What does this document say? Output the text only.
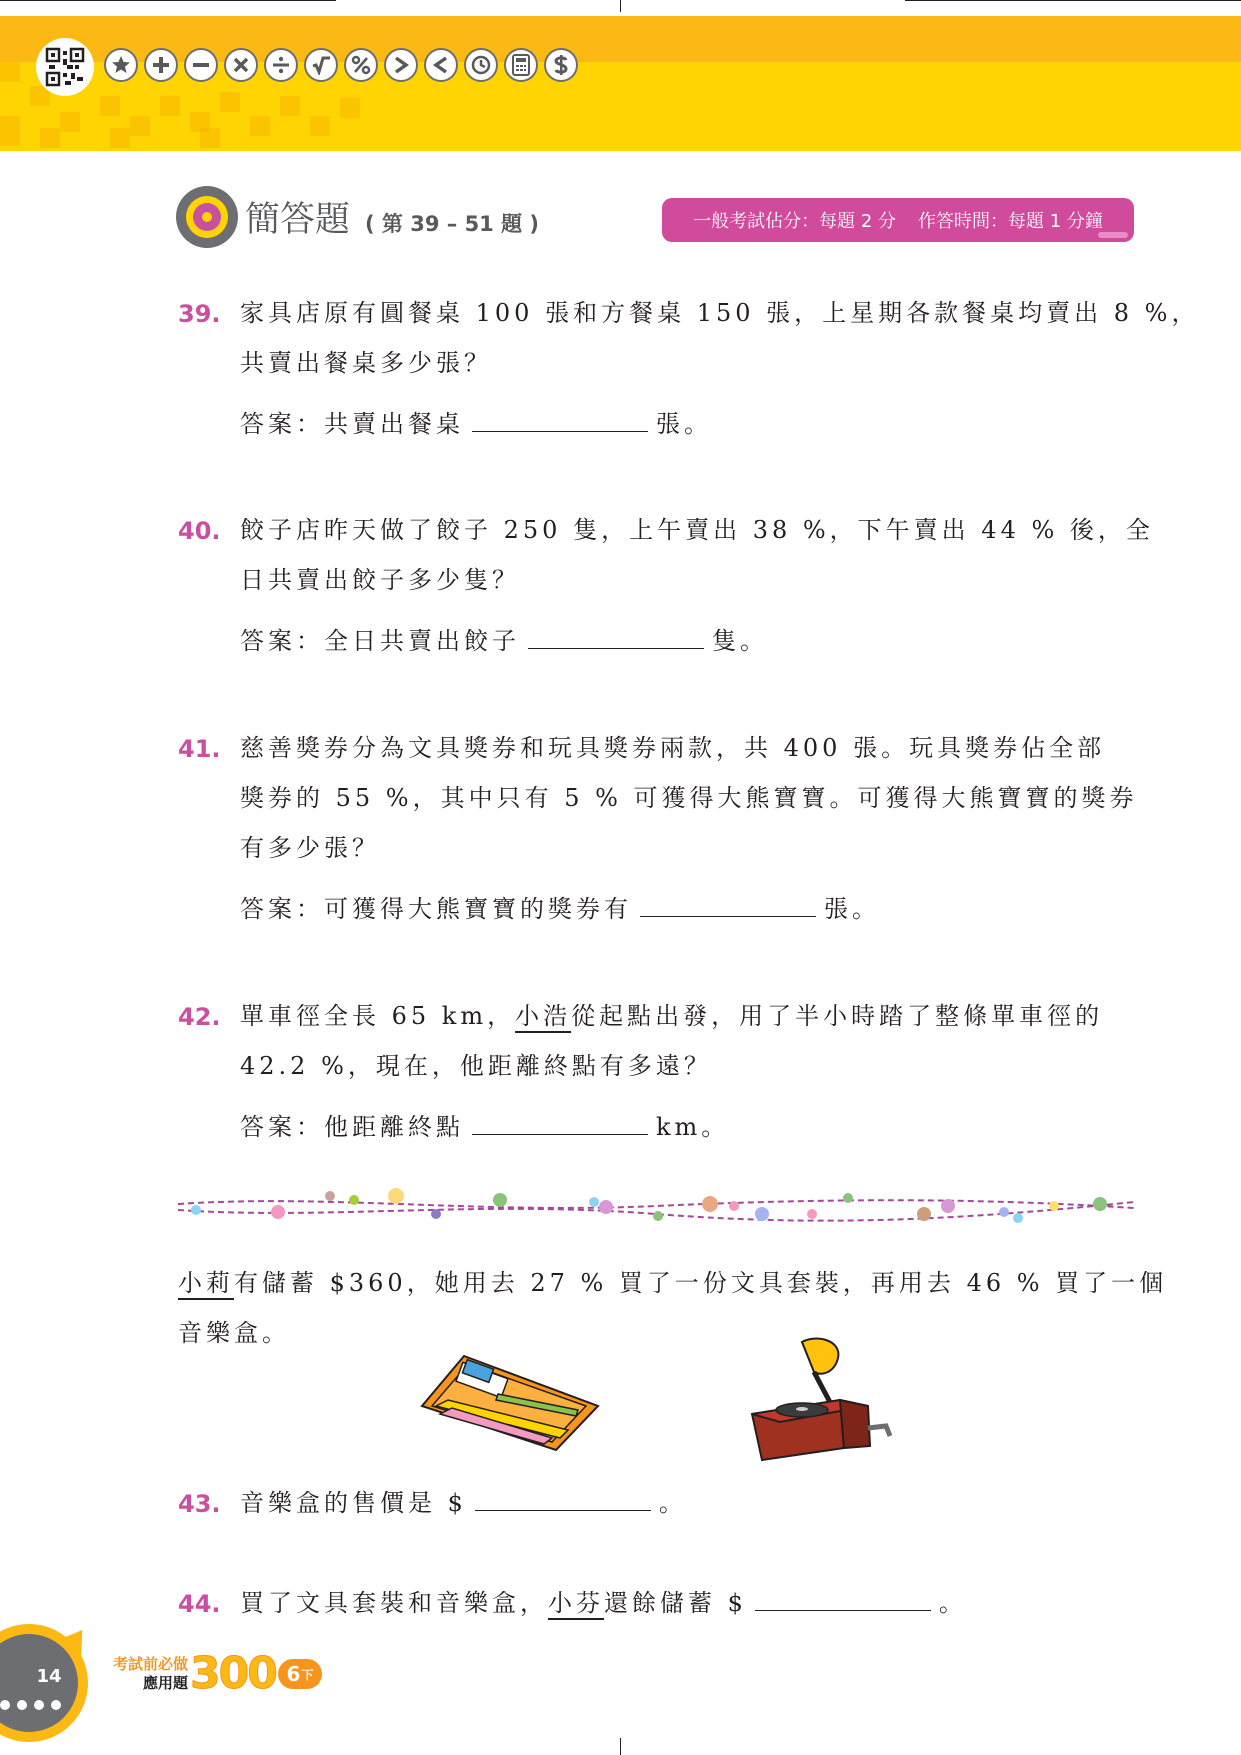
簡答題 ( 第 39 – 51 題 )	一般考試佔分：每題 2 分 作答時間：每題 1 分鐘
39. 家具店原有圓餐桌 100 張和方餐桌 150 張，上星期各款餐桌均賣出 8 %，
共賣出餐桌多少張？
答案：共賣出餐桌	張。
40. 餃子店昨天做了餃子 250 隻，上午賣出 38 %，下午賣出 44 % 後，全
日共賣出餃子多少隻？
答案：全日共賣出餃子	隻。
41. 慈善獎券分為文具獎券和玩具獎券兩款，共 400 張。玩具獎券佔全部
獎券的 55 %，其中只有 5 % 可獲得大熊寶寶。可獲得大熊寶寶的獎券
有多少張？
答案：可獲得大熊寶寶的獎券有	張。
42. 單車徑全長 65 km，小浩從起點出發，用了半小時踏了整條單車徑的
42.2 %，現在，他距離終點有多遠？
答案：他距離終點	km。
小莉有儲蓄 $360，她用去 27 % 買了一份文具套裝，再用去 46 % 買了一個
音樂盒。
43. 音樂盒的售價是 $	。
44. 買了文具套裝和音樂盒，小芬還餘儲蓄 $	。
14
考試前必做
應用題 300 6 下
